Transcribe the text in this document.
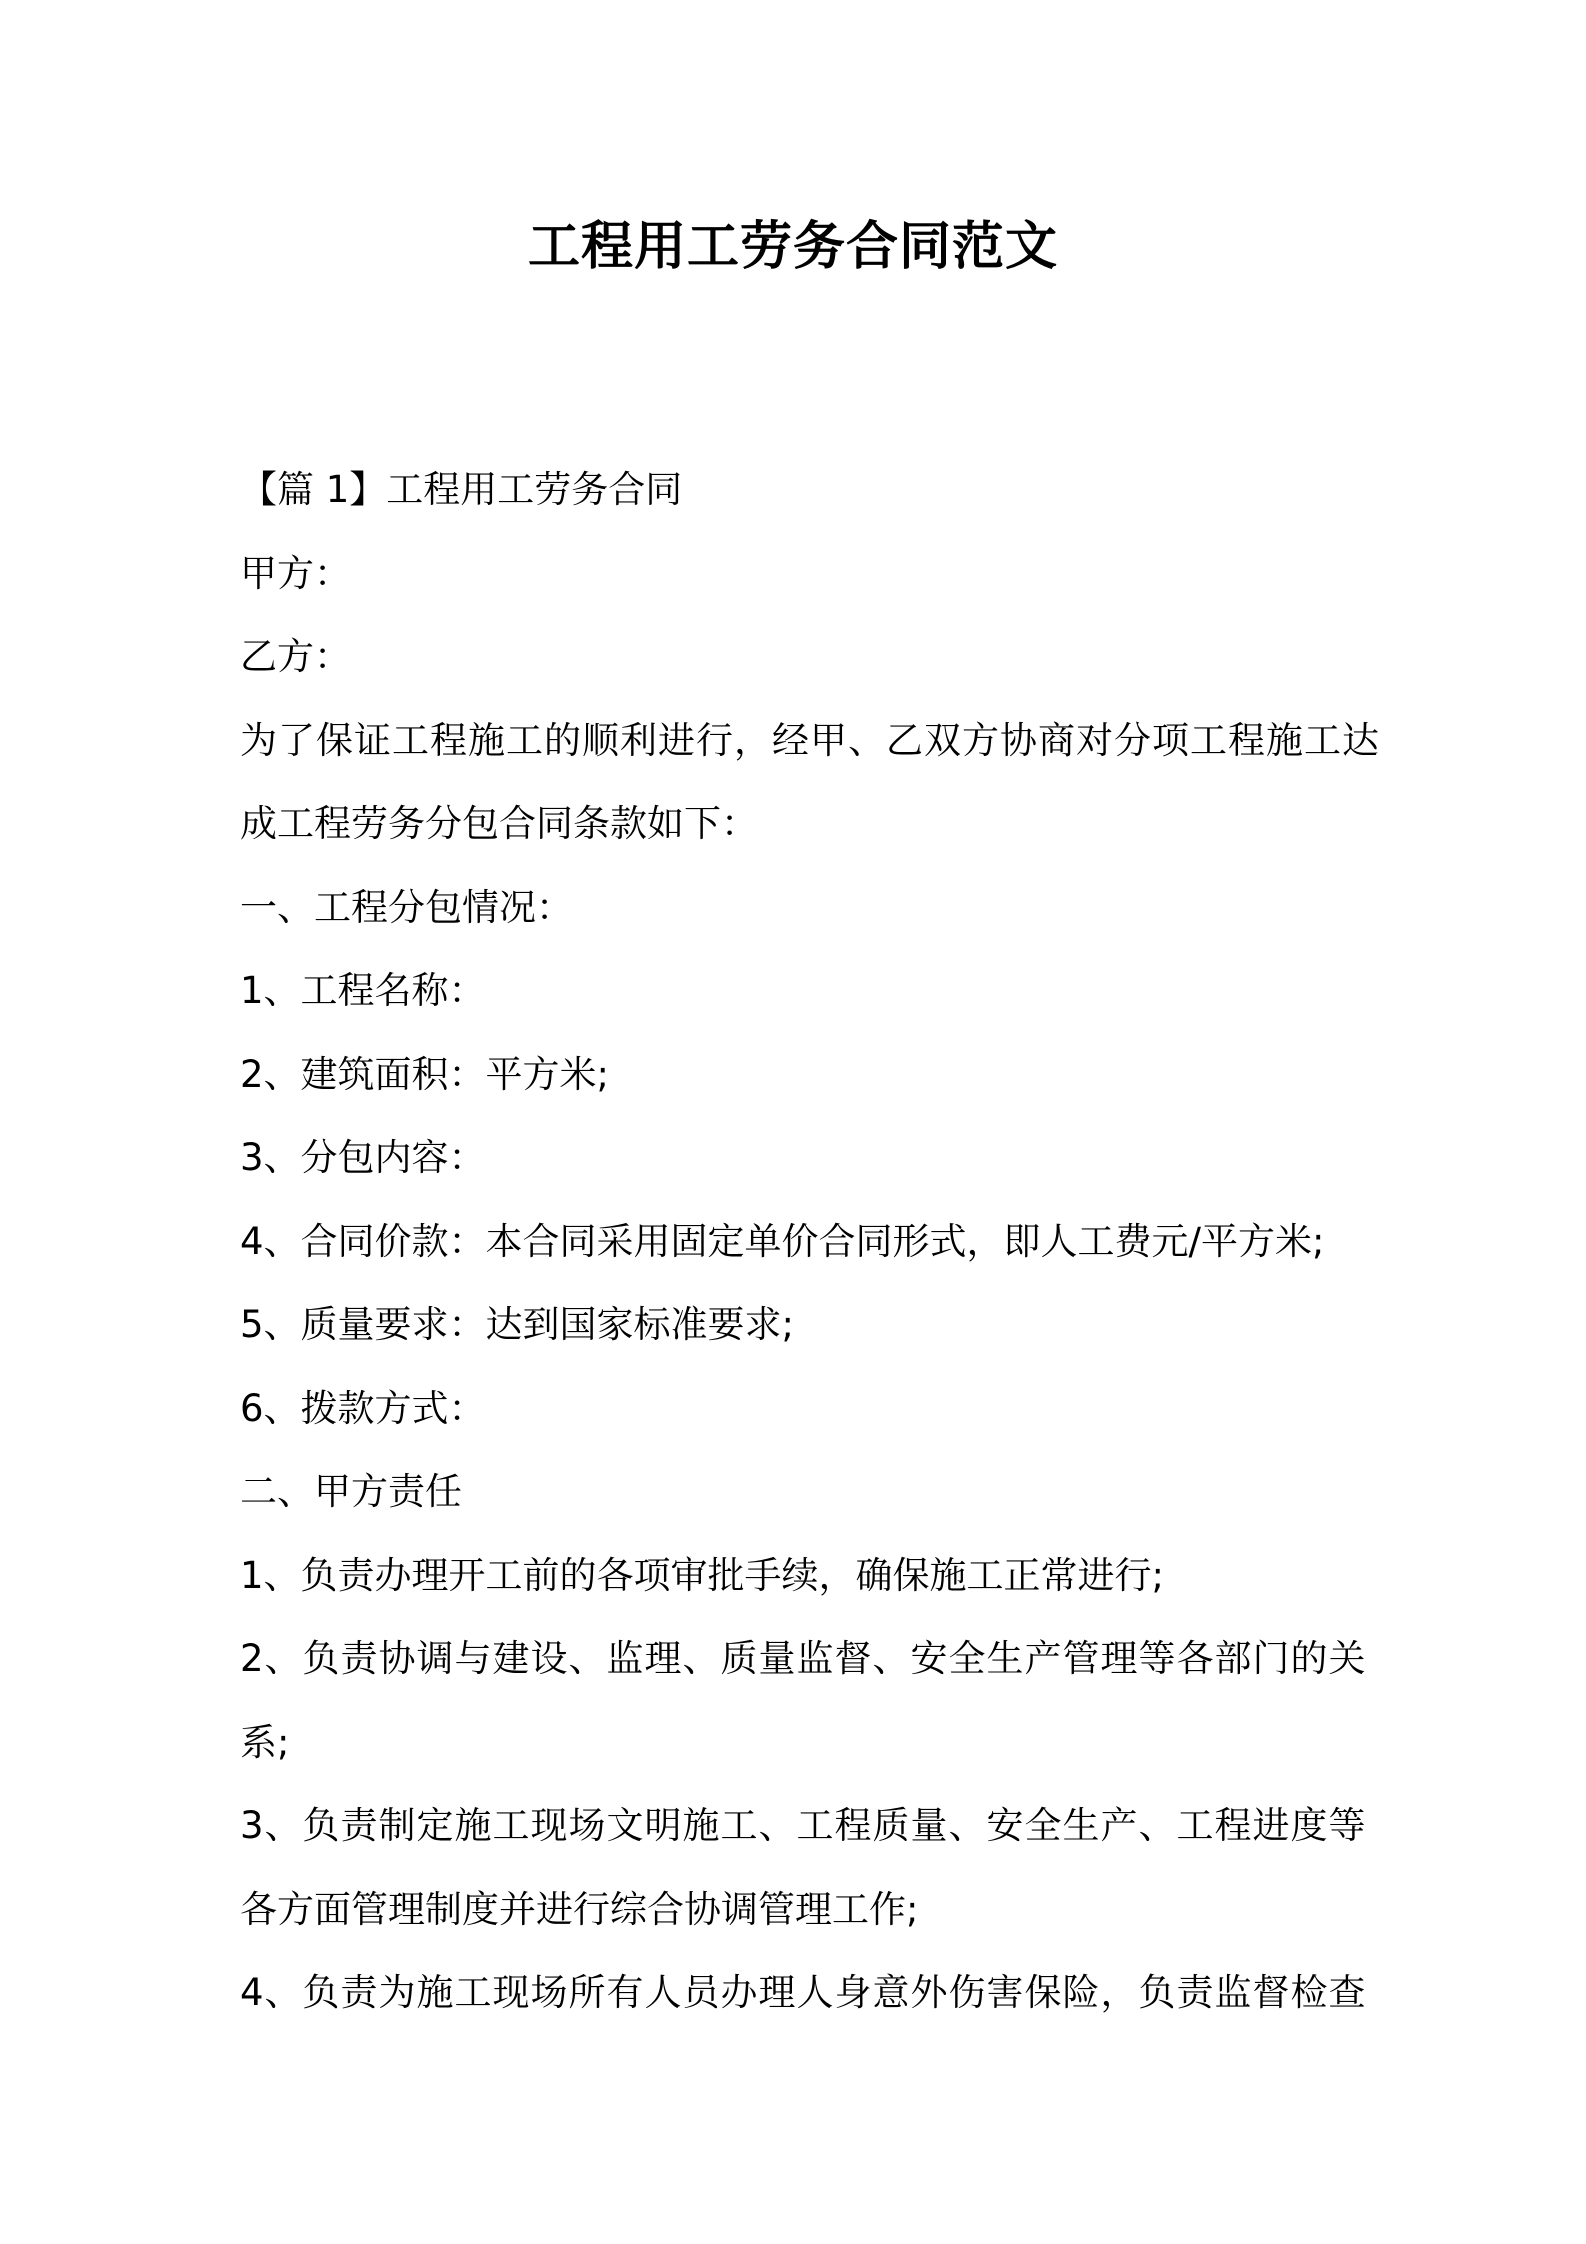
工程用工劳务合同范文

【篇 1】工程用工劳务合同

甲方：

乙方：

为了保证工程施工的顺利进行，经甲、乙双方协商对分项工程施工达

成工程劳务分包合同条款如下：

一、工程分包情况：

1、工程名称：

2、建筑面积：平方米;

3、分包内容：

4、合同价款：本合同采用固定单价合同形式，即人工费元/平方米;

5、质量要求：达到国家标准要求;

6、拨款方式：

二、甲方责任

1、负责办理开工前的各项审批手续，确保施工正常进行;

2、负责协调与建设、监理、质量监督、安全生产管理等各部门的关

系;

3、负责制定施工现场文明施工、工程质量、安全生产、工程进度等

各方面管理制度并进行综合协调管理工作;

4、负责为施工现场所有人员办理人身意外伤害保险，负责监督检查
